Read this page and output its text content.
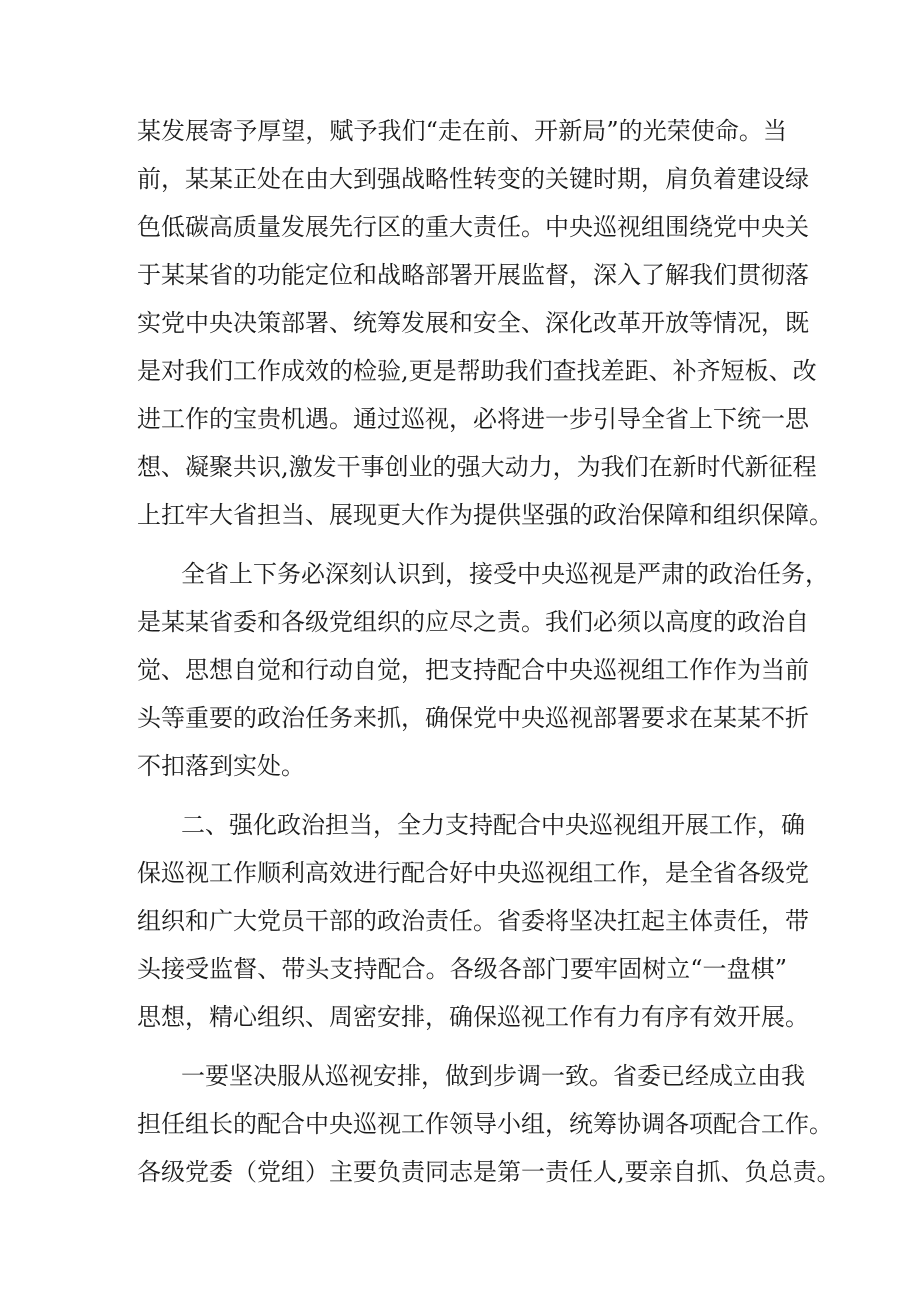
某发展寄予厚望，赋予我们“走在前、开新局”的光荣使命。当
前，某某正处在由大到强战略性转变的关键时期，肩负着建设绿
色低碳高质量发展先行区的重大责任。中央巡视组围绕党中央关
于某某省的功能定位和战略部署开展监督，深入了解我们贯彻落
实党中央决策部署、统筹发展和安全、深化改革开放等情况，既
是对我们工作成效的检验,更是帮助我们查找差距、补齐短板、改
进工作的宝贵机遇。通过巡视，必将进一步引导全省上下统一思
想、凝聚共识,激发干事创业的强大动力，为我们在新时代新征程
上扛牢大省担当、展现更大作为提供坚强的政治保障和组织保障。
全省上下务必深刻认识到，接受中央巡视是严肃的政治任务，
是某某省委和各级党组织的应尽之责。我们必须以高度的政治自
觉、思想自觉和行动自觉，把支持配合中央巡视组工作作为当前
头等重要的政治任务来抓，确保党中央巡视部署要求在某某不折
不扣落到实处。
二、强化政治担当，全力支持配合中央巡视组开展工作，确
保巡视工作顺利高效进行配合好中央巡视组工作，是全省各级党
组织和广大党员干部的政治责任。省委将坚决扛起主体责任，带
头接受监督、带头支持配合。各级各部门要牢固树立“一盘棋”
思想，精心组织、周密安排，确保巡视工作有力有序有效开展。
一要坚决服从巡视安排，做到步调一致。省委已经成立由我
担任组长的配合中央巡视工作领导小组，统筹协调各项配合工作。
各级党委（党组）主要负责同志是第一责任人,要亲自抓、负总责。
